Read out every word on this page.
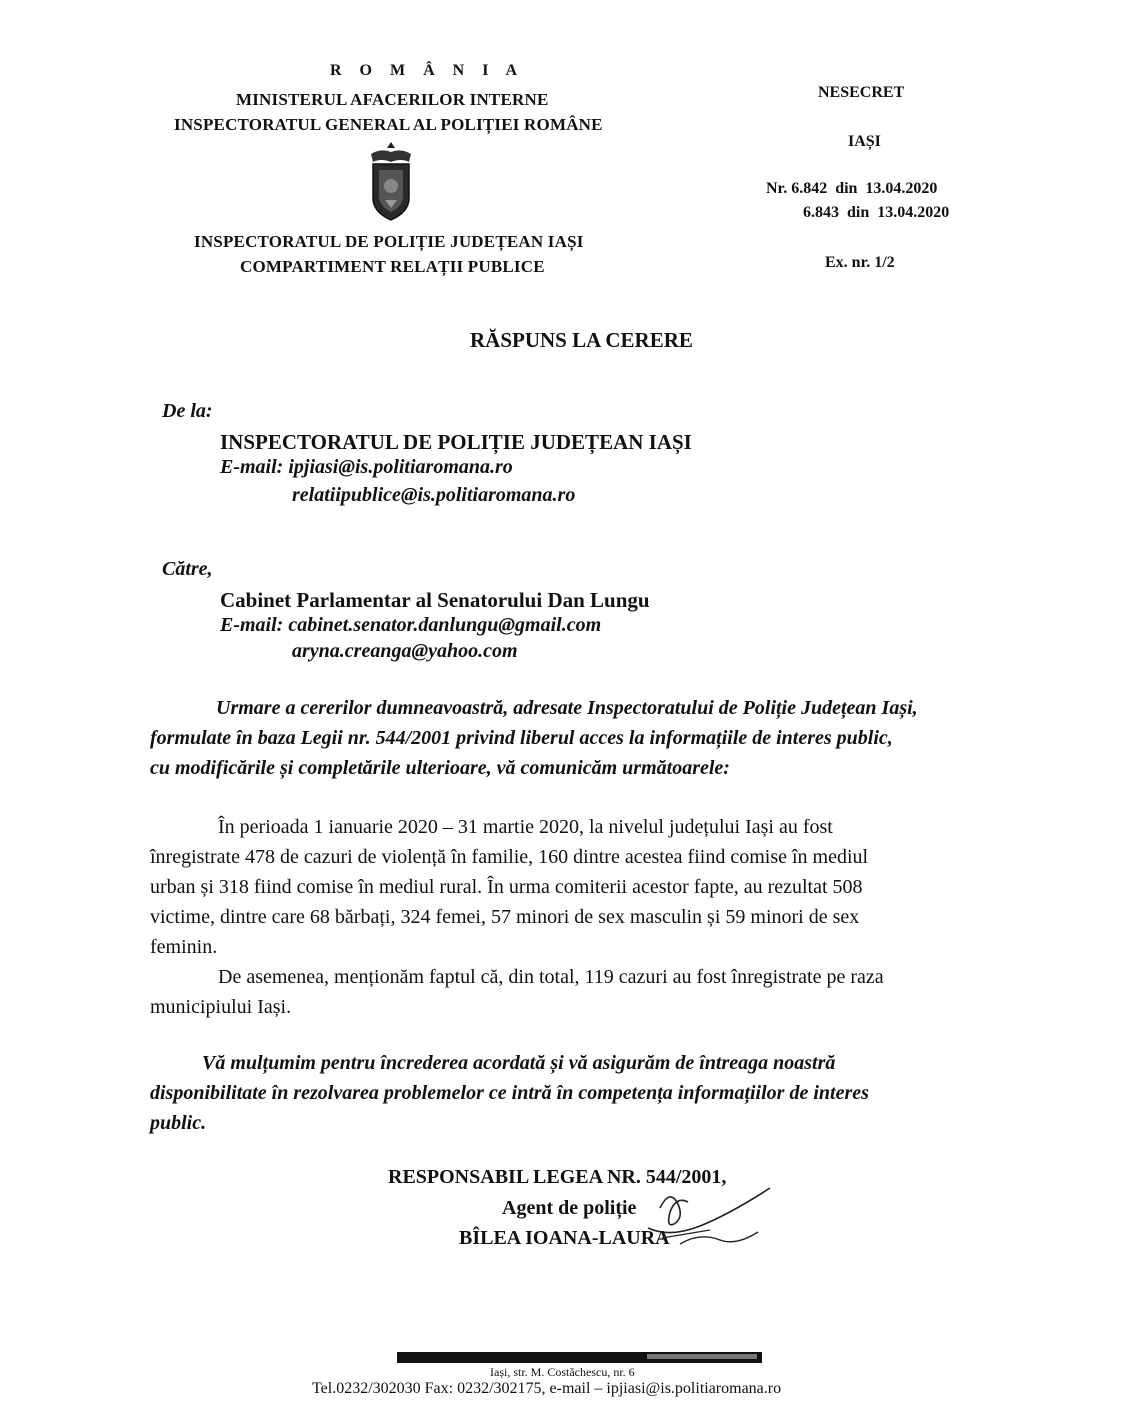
R O M Â N I A
MINISTERUL AFACERILOR INTERNE
INSPECTORATUL GENERAL AL POLIȚIEI ROMÂNE
INSPECTORATUL DE POLIȚIE JUDEȚEAN IAȘI
COMPARTIMENT RELAȚII PUBLICE
NESECRET
IAȘI
Nr. 6.842  din  13.04.2020
6.843  din  13.04.2020
Ex. nr. 1/2
RĂSPUNS LA CERERE
De la:
INSPECTORATUL DE POLIȚIE JUDEȚEAN IAȘI
E-mail: ipjiasi@is.politiaromana.ro
relatiipublice@is.politiaromana.ro
Către,
Cabinet Parlamentar al Senatorului Dan Lungu
E-mail: cabinet.senator.danlungu@gmail.com
aryna.creanga@yahoo.com
Urmare a cererilor dumneavoastră, adresate Inspectoratului de Poliție Județean Iași,
formulate în baza Legii nr. 544/2001 privind liberul acces la informațiile de interes public,
cu modificările și completările ulterioare, vă comunicăm următoarele:
În perioada 1 ianuarie 2020 – 31 martie 2020, la nivelul județului Iași au fost
înregistrate 478 de cazuri de violență în familie, 160 dintre acestea fiind comise în mediul
urban și 318 fiind comise în mediul rural. În urma comiterii acestor fapte, au rezultat 508
victime, dintre care 68 bărbați, 324 femei, 57 minori de sex masculin și 59 minori de sex
feminin.
De asemenea, menționăm faptul că, din total, 119 cazuri au fost înregistrate pe raza
municipiului Iași.
Vă mulțumim pentru încrederea acordată și vă asigurăm de întreaga noastră
disponibilitate în rezolvarea problemelor ce intră în competența informațiilor de interes
public.
RESPONSABIL LEGEA NR. 544/2001,
Agent de poliție
BÎLEA IOANA-LAURA
Iași, str. M. Costăchescu, nr. 6
Tel.0232/302030 Fax: 0232/302175, e-mail – ipjiasi@is.politiaromana.ro
